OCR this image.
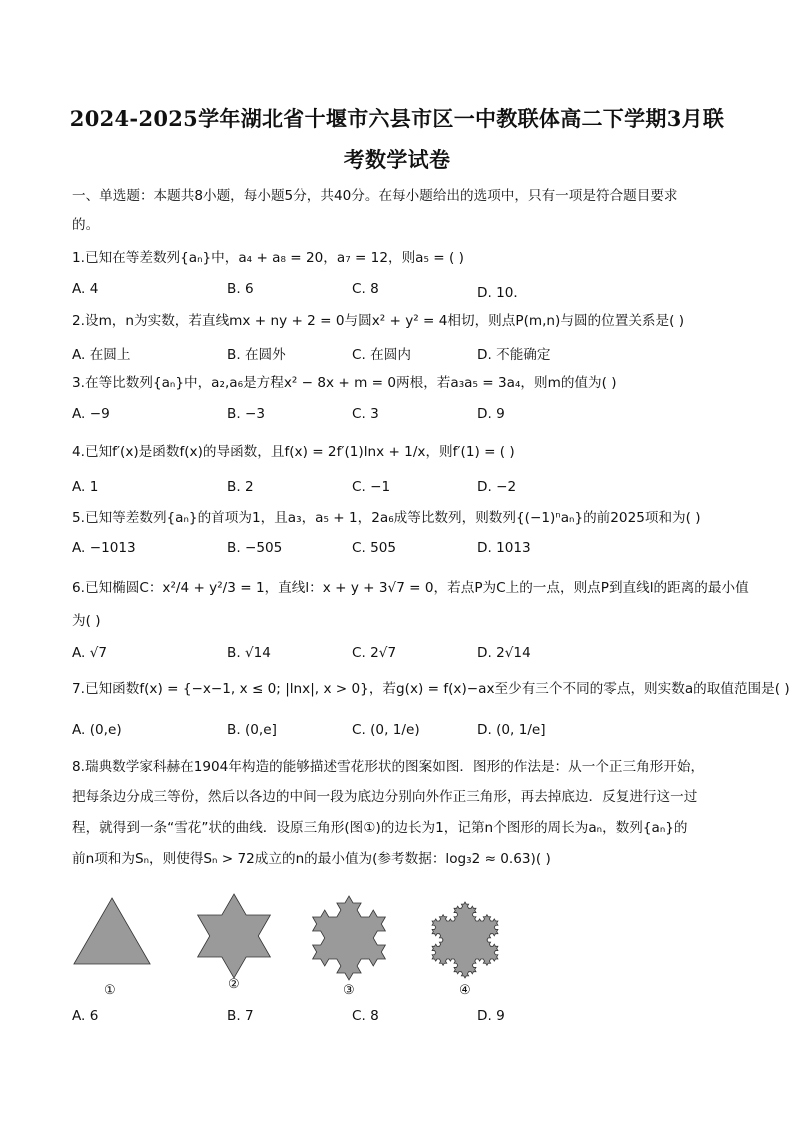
2024-2025学年湖北省十堰市六县市区一中教联体高二下学期3月联
考数学试卷
一、单选题：本题共8小题，每小题5分，共40分。在每小题给出的选项中，只有一项是符合题目要求
的。
1.已知在等差数列{aₙ}中，a₄ + a₈ = 20，a₇ = 12，则a₅ = ( )
A. 4	B. 6	C. 8	D. 10．
2.设m，n为实数，若直线mx + ny + 2 = 0与圆x² + y² = 4相切，则点P(m,n)与圆的位置关系是( )
A. 在圆上	B. 在圆外	C. 在圆内	D. 不能确定
3.在等比数列{aₙ}中，a₂,a₆是方程x² − 8x + m = 0两根，若a₃a₅ = 3a₄，则m的值为( )
A. −9	B. −3	C. 3	D. 9
4.已知f′(x)是函数f(x)的导函数，且f(x) = 2f′(1)lnx + 1/x，则f′(1) = ( )
A. 1	B. 2	C. −1	D. −2
5.已知等差数列{aₙ}的首项为1，且a₃，a₅ + 1，2a₆成等比数列，则数列{(−1)ⁿaₙ}的前2025项和为( )
A. −1013	B. −505	C. 505	D. 1013
6.已知椭圆C：x²/4 + y²/3 = 1，直线l：x + y + 3√7 = 0，若点P为C上的一点，则点P到直线l的距离的最小值
为( )
A. √7	B. √14	C. 2√7	D. 2√14
7.已知函数f(x) = {−x−1, x ≤ 0; |lnx|, x > 0}，若g(x) = f(x)−ax至少有三个不同的零点，则实数a的取值范围是( )
A. (0,e)	B. (0,e]	C. (0, 1/e)	D. (0, 1/e]
8.瑞典数学家科赫在1904年构造的能够描述雪花形状的图案如图．图形的作法是：从一个正三角形开始，
把每条边分成三等份，然后以各边的中间一段为底边分别向外作正三角形，再去掉底边．反复进行这一过
程，就得到一条“雪花”状的曲线．设原三角形(图①)的边长为1，记第n个图形的周长为aₙ，数列{aₙ}的
前n项和为Sₙ，则使得Sₙ > 72成立的n的最小值为(参考数据：log₃2 ≈ 0.63)( )
①	②	③	④
A. 6	B. 7	C. 8	D. 9
